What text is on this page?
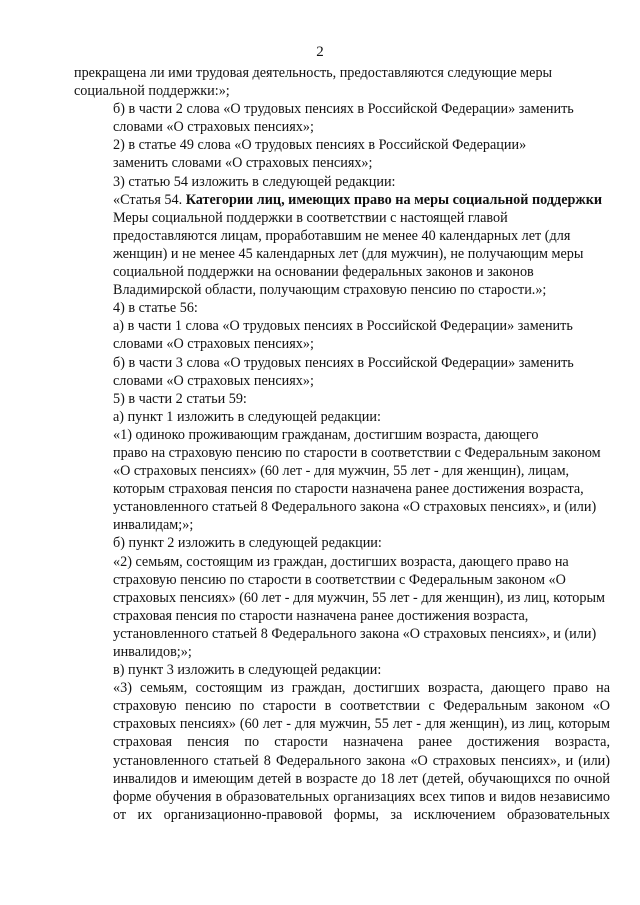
2

прекращена ли ими трудовая деятельность, предоставляются следующие меры
социальной поддержки:»;

б) в части 2 слова «О трудовых пенсиях в Российской Федерации» заменить
словами «О страховых пенсиях»;

2) в статье 49 слова «О трудовых пенсиях в Российской Федерации»
заменить словами «О страховых пенсиях»;

3) статью 54 изложить в следующей редакции:

«Статья 54. Категории лиц, имеющих право на меры социальной поддержки

Меры социальной поддержки в соответствии с настоящей главой
предоставляются лицам, проработавшим не менее 40 календарных лет (для
женщин) и не менее 45 календарных лет (для мужчин), не получающим меры
социальной поддержки на основании федеральных законов и законов
Владимирской области, получающим страховую пенсию по старости.»;

4) в статье 56:

а) в части 1 слова «О трудовых пенсиях в Российской Федерации» заменить
словами «О страховых пенсиях»;

б) в части 3 слова «О трудовых пенсиях в Российской Федерации» заменить
словами «О страховых пенсиях»;

5) в части 2 статьи 59:

а) пункт 1 изложить в следующей редакции:

«1) одиноко проживающим гражданам, достигшим возраста, дающего
право на страховую пенсию по старости в соответствии с Федеральным законом
«О страховых пенсиях» (60 лет - для мужчин, 55 лет - для женщин), лицам,
которым страховая пенсия по старости назначена ранее достижения возраста,
установленного статьей 8 Федерального закона «О страховых пенсиях», и (или)
инвалидам;»;

б) пункт 2 изложить в следующей редакции:

«2) семьям, состоящим из граждан, достигших возраста, дающего право на
страховую пенсию по старости в соответствии с Федеральным законом «О
страховых пенсиях» (60 лет - для мужчин, 55 лет - для женщин), из лиц, которым
страховая пенсия по старости назначена ранее достижения возраста,
установленного статьей 8 Федерального закона «О страховых пенсиях», и (или)
инвалидов;»;

в) пункт 3 изложить в следующей редакции:

«3) семьям, состоящим из граждан, достигших возраста, дающего право на
страховую пенсию по старости в соответствии с Федеральным законом «О
страховых пенсиях» (60 лет - для мужчин, 55 лет - для женщин), из лиц, которым
страховая пенсия по старости назначена ранее достижения возраста,
установленного статьей 8 Федерального закона «О страховых пенсиях», и (или)
инвалидов и имеющим детей в возрасте до 18 лет (детей, обучающихся по очной
форме обучения в образовательных организациях всех типов и видов независимо
от их организационно-правовой формы, за исключением образовательных
